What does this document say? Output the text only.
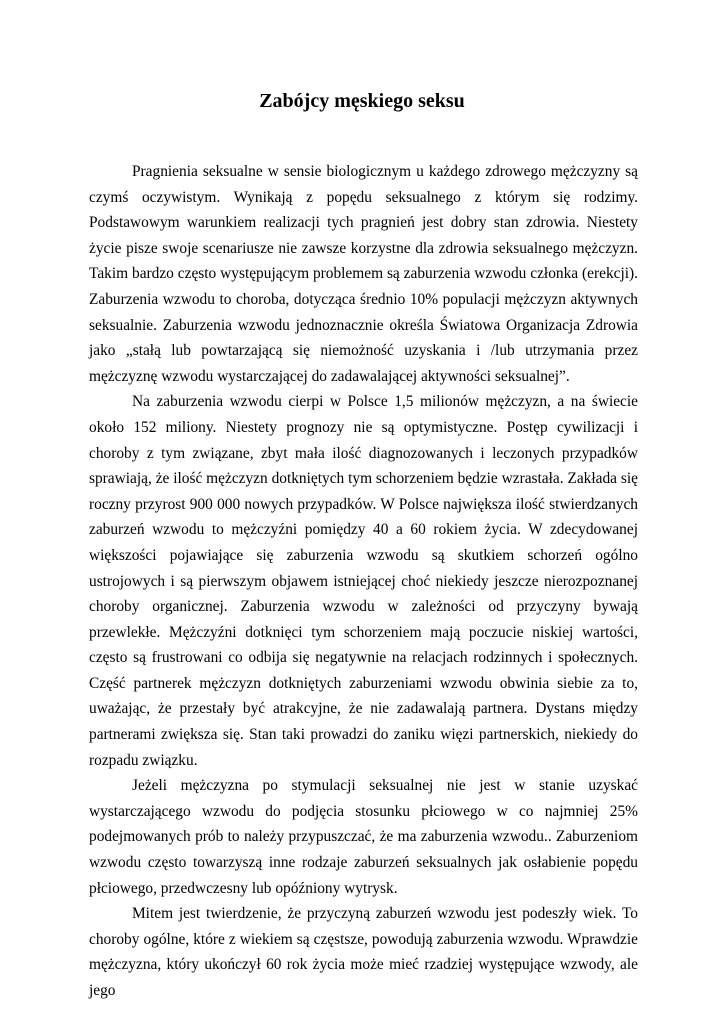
Zabójcy męskiego seksu

Pragnienia seksualne w sensie biologicznym u każdego zdrowego mężczyzny są czymś oczywistym. Wynikają z popędu seksualnego z którym się rodzimy. Podstawowym warunkiem realizacji tych pragnień jest dobry stan zdrowia. Niestety życie pisze swoje scenariusze nie zawsze korzystne dla zdrowia seksualnego mężczyzn. Takim bardzo często występującym problemem są zaburzenia wzwodu członka (erekcji). Zaburzenia wzwodu to choroba, dotycząca średnio 10% populacji mężczyzn aktywnych seksualnie. Zaburzenia wzwodu jednoznacznie określa Światowa Organizacja Zdrowia jako „stałą lub powtarzającą się niemożność uzyskania i /lub utrzymania przez mężczyznę wzwodu wystarczającej do zadawalającej aktywności seksualnej”.

Na zaburzenia wzwodu cierpi w Polsce 1,5 milionów mężczyzn, a na świecie około 152 miliony. Niestety prognozy nie są optymistyczne. Postęp cywilizacji i choroby z tym związane, zbyt mała ilość diagnozowanych i leczonych przypadków sprawiają, że ilość mężczyzn dotkniętych tym schorzeniem będzie wzrastała. Zakłada się roczny przyrost 900 000 nowych przypadków. W Polsce największa ilość stwierdzanych zaburzeń wzwodu to mężczyźni pomiędzy 40 a 60 rokiem życia. W zdecydowanej większości pojawiające się zaburzenia wzwodu są skutkiem schorzeń ogólno ustrojowych i są pierwszym objawem istniejącej choć niekiedy jeszcze nierozpoznanej choroby organicznej. Zaburzenia wzwodu w zależności od przyczyny bywają przewlekłe. Mężczyźni dotknięci tym schorzeniem mają poczucie niskiej wartości, często są frustrowani co odbija się negatywnie na relacjach rodzinnych i społecznych. Część partnerek mężczyzn dotkniętych zaburzeniami wzwodu obwinia siebie za to, uważając, że przestały być atrakcyjne, że nie zadawalają partnera. Dystans między partnerami zwiększa się. Stan taki prowadzi do zaniku więzi partnerskich, niekiedy do rozpadu związku.

Jeżeli mężczyzna po stymulacji seksualnej nie jest w stanie uzyskać wystarczającego wzwodu do podjęcia stosunku płciowego w co najmniej 25% podejmowanych prób to należy przypuszczać, że ma zaburzenia wzwodu.. Zaburzeniom wzwodu często towarzyszą inne rodzaje zaburzeń seksualnych jak osłabienie popędu płciowego, przedwczesny lub opóźniony wytrysk.

Mitem jest twierdzenie, że przyczyną zaburzeń wzwodu jest podeszły wiek. To choroby ogólne, które z wiekiem są częstsze, powodują zaburzenia wzwodu. Wprawdzie mężczyzna, który ukończył 60 rok życia może mieć rzadziej występujące wzwody, ale jego
